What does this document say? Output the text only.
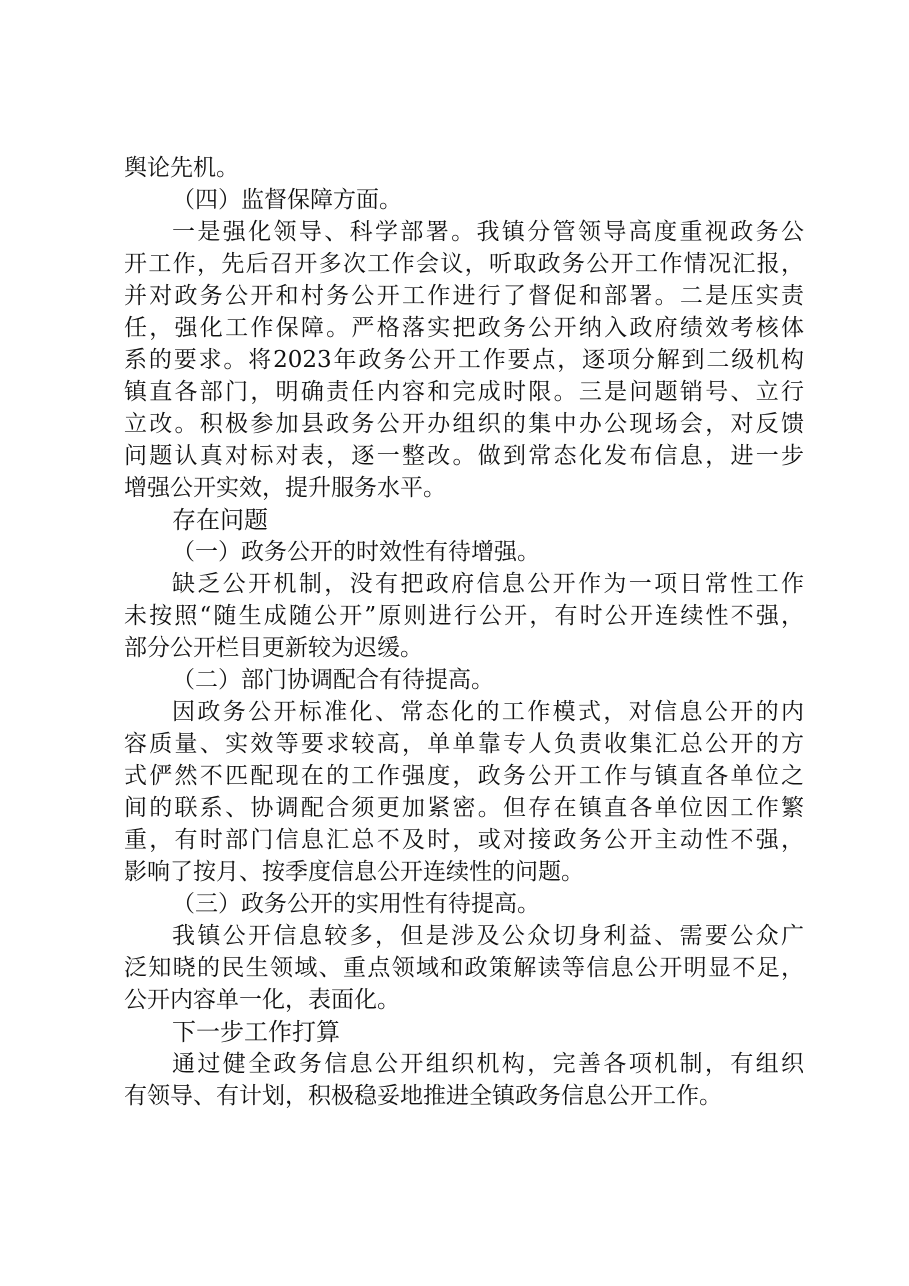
舆论先机。
（四）监督保障方面。
一是强化领导、科学部署。我镇分管领导高度重视政务公
开工作，先后召开多次工作会议，听取政务公开工作情况汇报，
并对政务公开和村务公开工作进行了督促和部署。二是压实责
任，强化工作保障。严格落实把政务公开纳入政府绩效考核体
系的要求。将2023年政务公开工作要点，逐项分解到二级机构
镇直各部门，明确责任内容和完成时限。三是问题销号、立行
立改。积极参加县政务公开办组织的集中办公现场会，对反馈
问题认真对标对表，逐一整改。做到常态化发布信息，进一步
增强公开实效，提升服务水平。
存在问题
（一）政务公开的时效性有待增强。
缺乏公开机制，没有把政府信息公开作为一项日常性工作
未按照“随生成随公开”原则进行公开，有时公开连续性不强，
部分公开栏目更新较为迟缓。
（二）部门协调配合有待提高。
因政务公开标准化、常态化的工作模式，对信息公开的内
容质量、实效等要求较高，单单靠专人负责收集汇总公开的方
式俨然不匹配现在的工作强度，政务公开工作与镇直各单位之
间的联系、协调配合须更加紧密。但存在镇直各单位因工作繁
重，有时部门信息汇总不及时，或对接政务公开主动性不强，
影响了按月、按季度信息公开连续性的问题。
（三）政务公开的实用性有待提高。
我镇公开信息较多，但是涉及公众切身利益、需要公众广
泛知晓的民生领域、重点领域和政策解读等信息公开明显不足，
公开内容单一化，表面化。
下一步工作打算
通过健全政务信息公开组织机构，完善各项机制，有组织
有领导、有计划，积极稳妥地推进全镇政务信息公开工作。
